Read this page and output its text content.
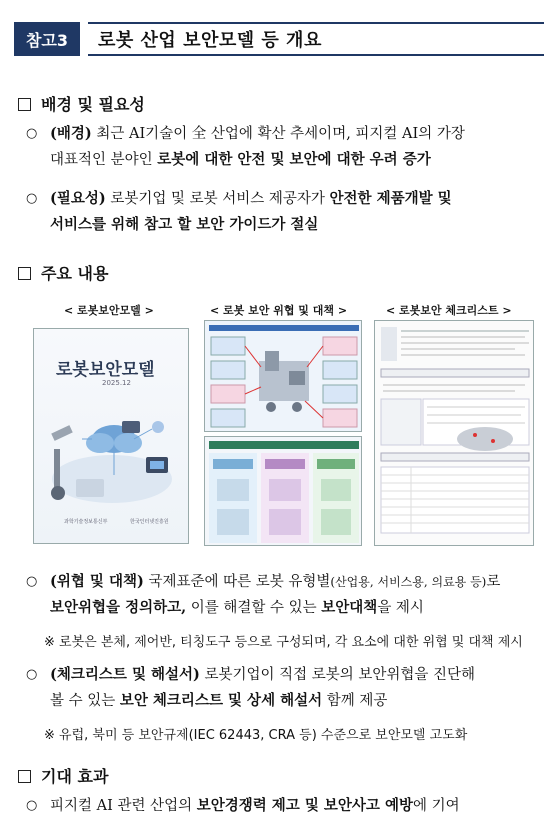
참고3	로봇 산업 보안모델 등 개요
배경 및 필요성
○ (배경) 최근 AI기술이 全 산업에 확산 추세이며, 피지컬 AI의 가장
대표적인 분야인 로봇에 대한 안전 및 보안에 대한 우려 증가
○ (필요성) 로봇기업 및 로봇 서비스 제공자가 안전한 제품개발 및
서비스를 위해 참고 할 보안 가이드가 절실
주요 내용
< 로봇보안모델 >	< 로봇 보안 위협 및 대책 >	< 로봇보안 체크리스트 >
로봇보안모델
2025.12
과학기술정보통신부	한국인터넷진흥원
○ (위협 및 대책) 국제표준에 따른 로봇 유형별(산업용, 서비스용, 의료용 등)로
보안위협을 정의하고, 이를 해결할 수 있는 보안대책을 제시
※ 로봇은 본체, 제어반, 티칭도구 등으로 구성되며, 각 요소에 대한 위협 및 대책 제시
○ (체크리스트 및 해설서) 로봇기업이 직접 로봇의 보안위협을 진단해
볼 수 있는 보안 체크리스트 및 상세 해설서 함께 제공
※ 유럽, 북미 등 보안규제(IEC 62443, CRA 등) 수준으로 보안모델 고도화
기대 효과
○ 피지컬 AI 관련 산업의 보안경쟁력 제고 및 보안사고 예방에 기여
